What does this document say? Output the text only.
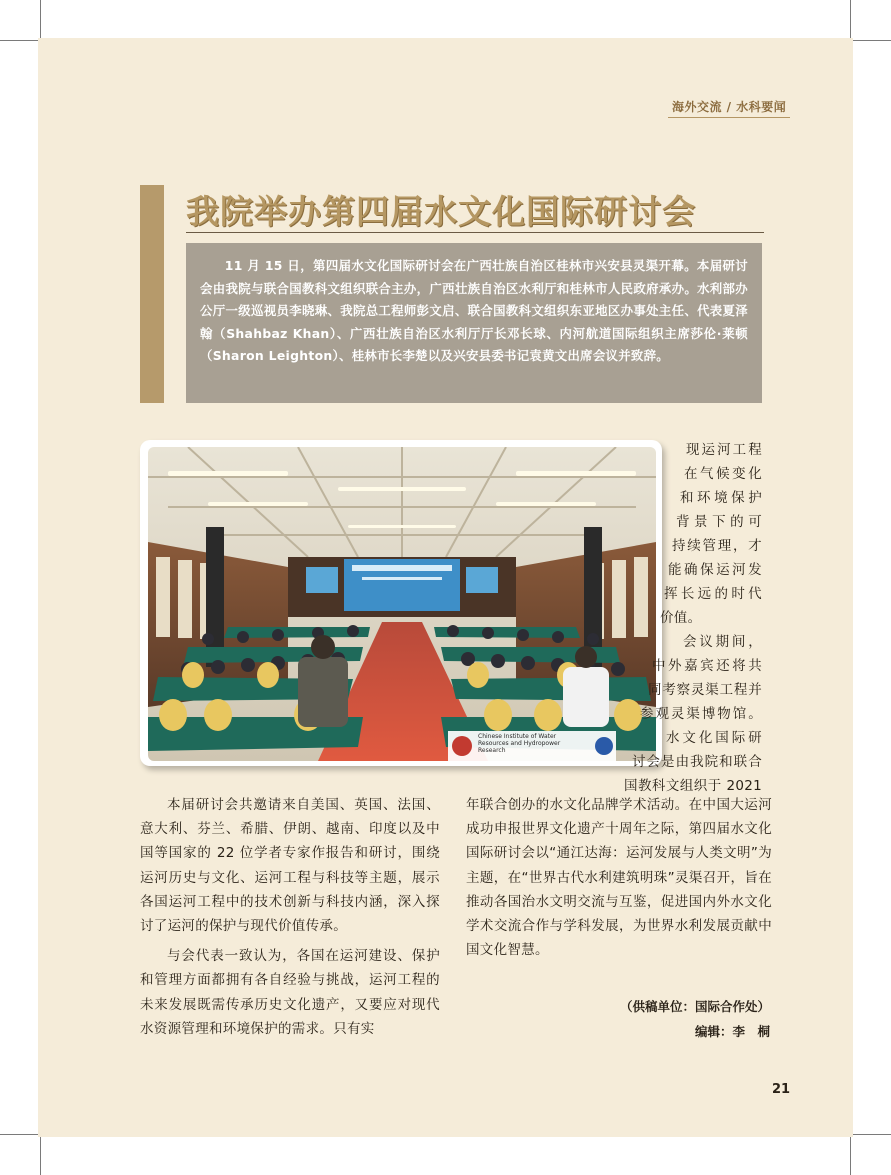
海外交流 / 水科要闻
我院举办第四届水文化国际研讨会
11 月 15 日，第四届水文化国际研讨会在广西壮族自治区桂林市兴安县灵渠开幕。本届研讨会由我院与联合国教科文组织联合主办，广西壮族自治区水利厅和桂林市人民政府承办。水利部办公厅一级巡视员李晓琳、我院总工程师彭文启、联合国教科文组织东亚地区办事处主任、代表夏泽翰（Shahbaz Khan）、广西壮族自治区水利厅厅长邓长球、内河航道国际组织主席莎伦·莱顿（Sharon Leighton）、桂林市长李楚以及兴安县委书记袁黄文出席会议并致辞。
Chinese Institute of Water Resources and Hydropower Research
现运河工程
在气候变化
和环境保护
背景下的可
持续管理，才
能确保运河发
挥长远的时代
价值。
会议期间，
中外嘉宾还将共
同考察灵渠工程并
参观灵渠博物馆。
水文化国际研
讨会是由我院和联合
国教科文组织于 2021

本届研讨会共邀请来自美国、英国、法国、意大利、芬兰、希腊、伊朗、越南、印度以及中国等国家的 22 位学者专家作报告和研讨，围绕运河历史与文化、运河工程与科技等主题，展示各国运河工程中的技术创新与科技内涵，深入探讨了运河的保护与现代价值传承。

与会代表一致认为，各国在运河建设、保护和管理方面都拥有各自经验与挑战，运河工程的未来发展既需传承历史文化遗产，又要应对现代水资源管理和环境保护的需求。只有实

年联合创办的水文化品牌学术活动。在中国大运河成功申报世界文化遗产十周年之际，第四届水文化国际研讨会以“通江达海：运河发展与人类文明”为主题，在“世界古代水利建筑明珠”灵渠召开，旨在推动各国治水文明交流与互鉴，促进国内外水文化学术交流合作与学科发展，为世界水利发展贡献中国文化智慧。
（供稿单位：国际合作处）
编辑：李　桐
21
